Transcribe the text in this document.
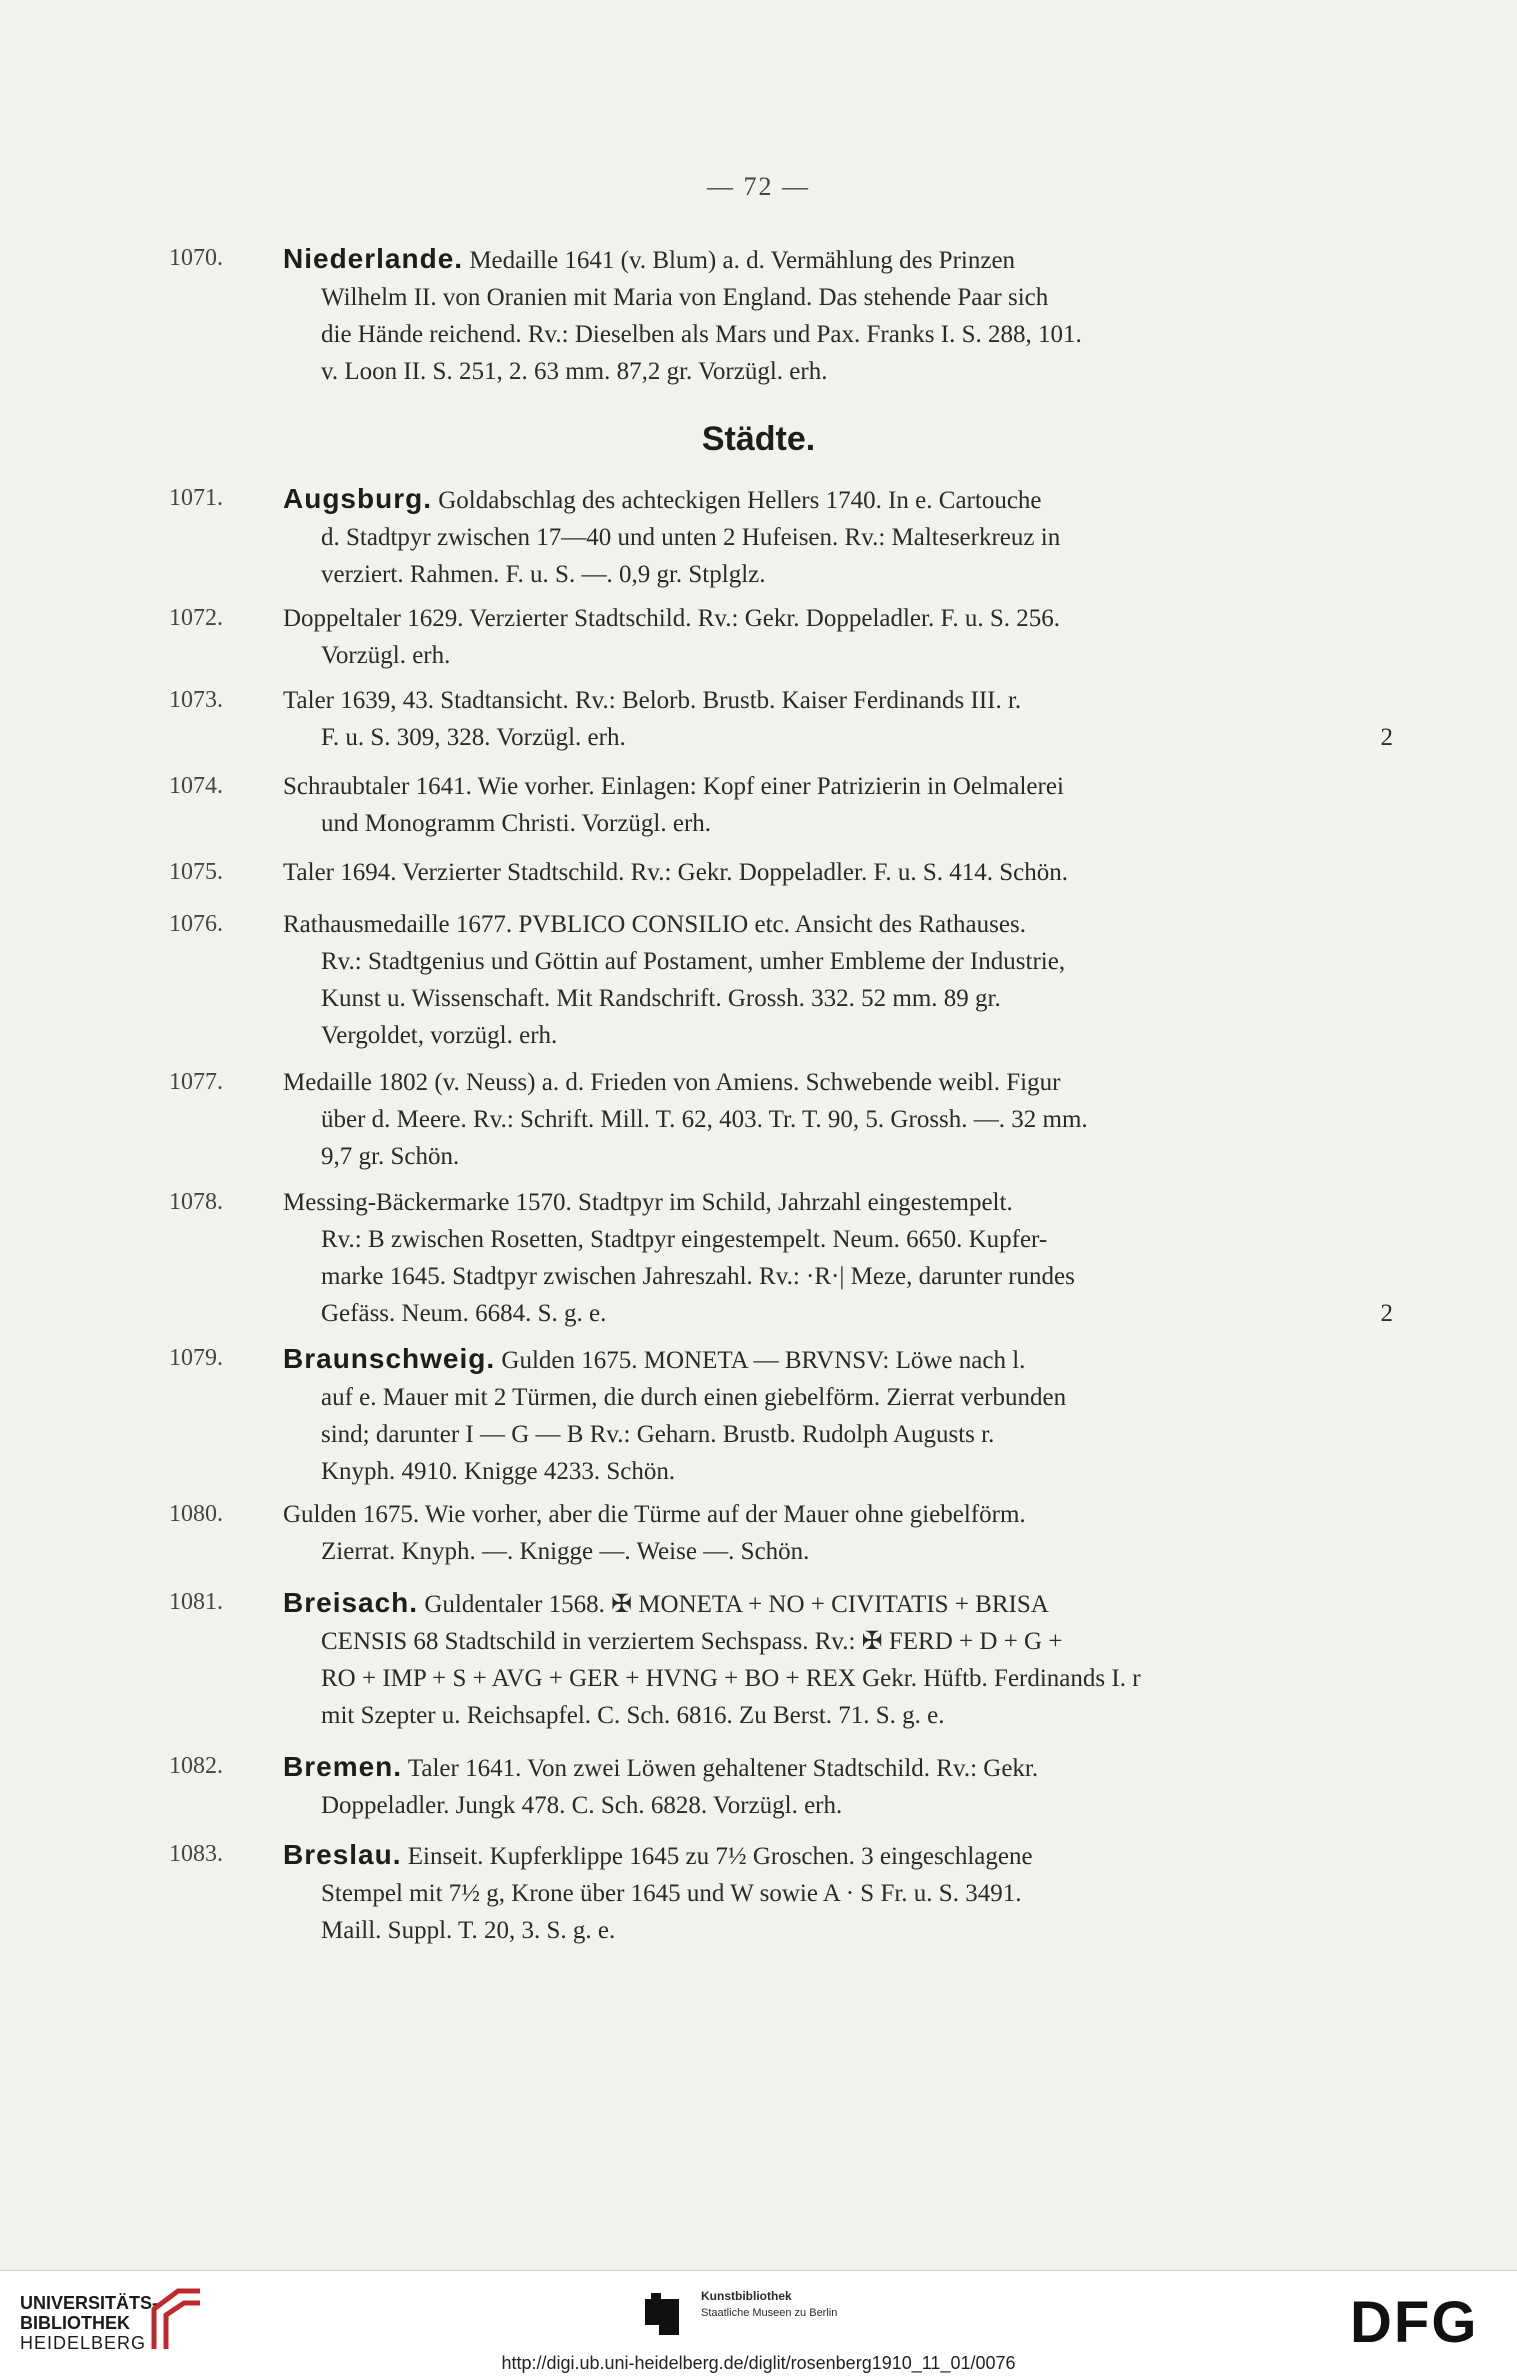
— 72 —
Städte.
1070.	Niederlande. Medaille 1641 (v. Blum) a. d. Vermählung des Prinzen
Wilhelm II. von Oranien mit Maria von England. Das stehende Paar sich
die Hände reichend. Rv.: Dieselben als Mars und Pax. Franks I. S. 288, 101.
v. Loon II. S. 251, 2. 63 mm. 87,2 gr. Vorzügl. erh.
1071.	Augsburg. Goldabschlag des achteckigen Hellers 1740. In e. Cartouche
d. Stadtpyr zwischen 17—40 und unten 2 Hufeisen. Rv.: Malteserkreuz in
verziert. Rahmen. F. u. S. —. 0,9 gr. Stplglz.
1072.	Doppeltaler 1629. Verzierter Stadtschild. Rv.: Gekr. Doppeladler. F. u. S. 256.
Vorzügl. erh.
1073.	Taler 1639, 43. Stadtansicht. Rv.: Belorb. Brustb. Kaiser Ferdinands III. r.
F. u. S. 309, 328. Vorzügl. erh.	2
1074.	Schraubtaler 1641. Wie vorher. Einlagen: Kopf einer Patrizierin in Oelmalerei
und Monogramm Christi. Vorzügl. erh.
1075.	Taler 1694. Verzierter Stadtschild. Rv.: Gekr. Doppeladler. F. u. S. 414. Schön.
1076.	Rathausmedaille 1677. PVBLICO CONSILIO etc. Ansicht des Rathauses.
Rv.: Stadtgenius und Göttin auf Postament, umher Embleme der Industrie,
Kunst u. Wissenschaft. Mit Randschrift. Grossh. 332. 52 mm. 89 gr.
Vergoldet, vorzügl. erh.
1077.	Medaille 1802 (v. Neuss) a. d. Frieden von Amiens. Schwebende weibl. Figur
über d. Meere. Rv.: Schrift. Mill. T. 62, 403. Tr. T. 90, 5. Grossh. —. 32 mm.
9,7 gr. Schön.
1078.	Messing-Bäckermarke 1570. Stadtpyr im Schild, Jahrzahl eingestempelt.
Rv.: B zwischen Rosetten, Stadtpyr eingestempelt. Neum. 6650. Kupfer-
marke 1645. Stadtpyr zwischen Jahreszahl. Rv.: ·R·| Meze, darunter rundes
Gefäss. Neum. 6684. S. g. e.	2
1079.	Braunschweig. Gulden 1675. MONETA — BRVNSV: Löwe nach l.
auf e. Mauer mit 2 Türmen, die durch einen giebelförm. Zierrat verbunden
sind; darunter I — G — B Rv.: Geharn. Brustb. Rudolph Augusts r.
Knyph. 4910. Knigge 4233. Schön.
1080.	Gulden 1675. Wie vorher, aber die Türme auf der Mauer ohne giebelförm.
Zierrat. Knyph. —. Knigge —. Weise —. Schön.
1081.	Breisach. Guldentaler 1568. ✠ MONETA + NO + CIVITATIS + BRISA
CENSIS 68 Stadtschild in verziertem Sechspass. Rv.: ✠ FERD + D + G +
RO + IMP + S + AVG + GER + HVNG + BO + REX Gekr. Hüftb. Ferdinands I. r
mit Szepter u. Reichsapfel. C. Sch. 6816. Zu Berst. 71. S. g. e.
1082.	Bremen. Taler 1641. Von zwei Löwen gehaltener Stadtschild. Rv.: Gekr.
Doppeladler. Jungk 478. C. Sch. 6828. Vorzügl. erh.
1083.	Breslau. Einseit. Kupferklippe 1645 zu 7½ Groschen. 3 eingeschlagene
Stempel mit 7½ g, Krone über 1645 und W sowie A · S Fr. u. S. 3491.
Maill. Suppl. T. 20, 3. S. g. e.
UNIVERSITÄTS-
BIBLIOTHEK
HEIDELBERG
Kunstbibliothek
Staatliche Museen zu Berlin	DFG
http://digi.ub.uni-heidelberg.de/diglit/rosenberg1910_11_01/0076
